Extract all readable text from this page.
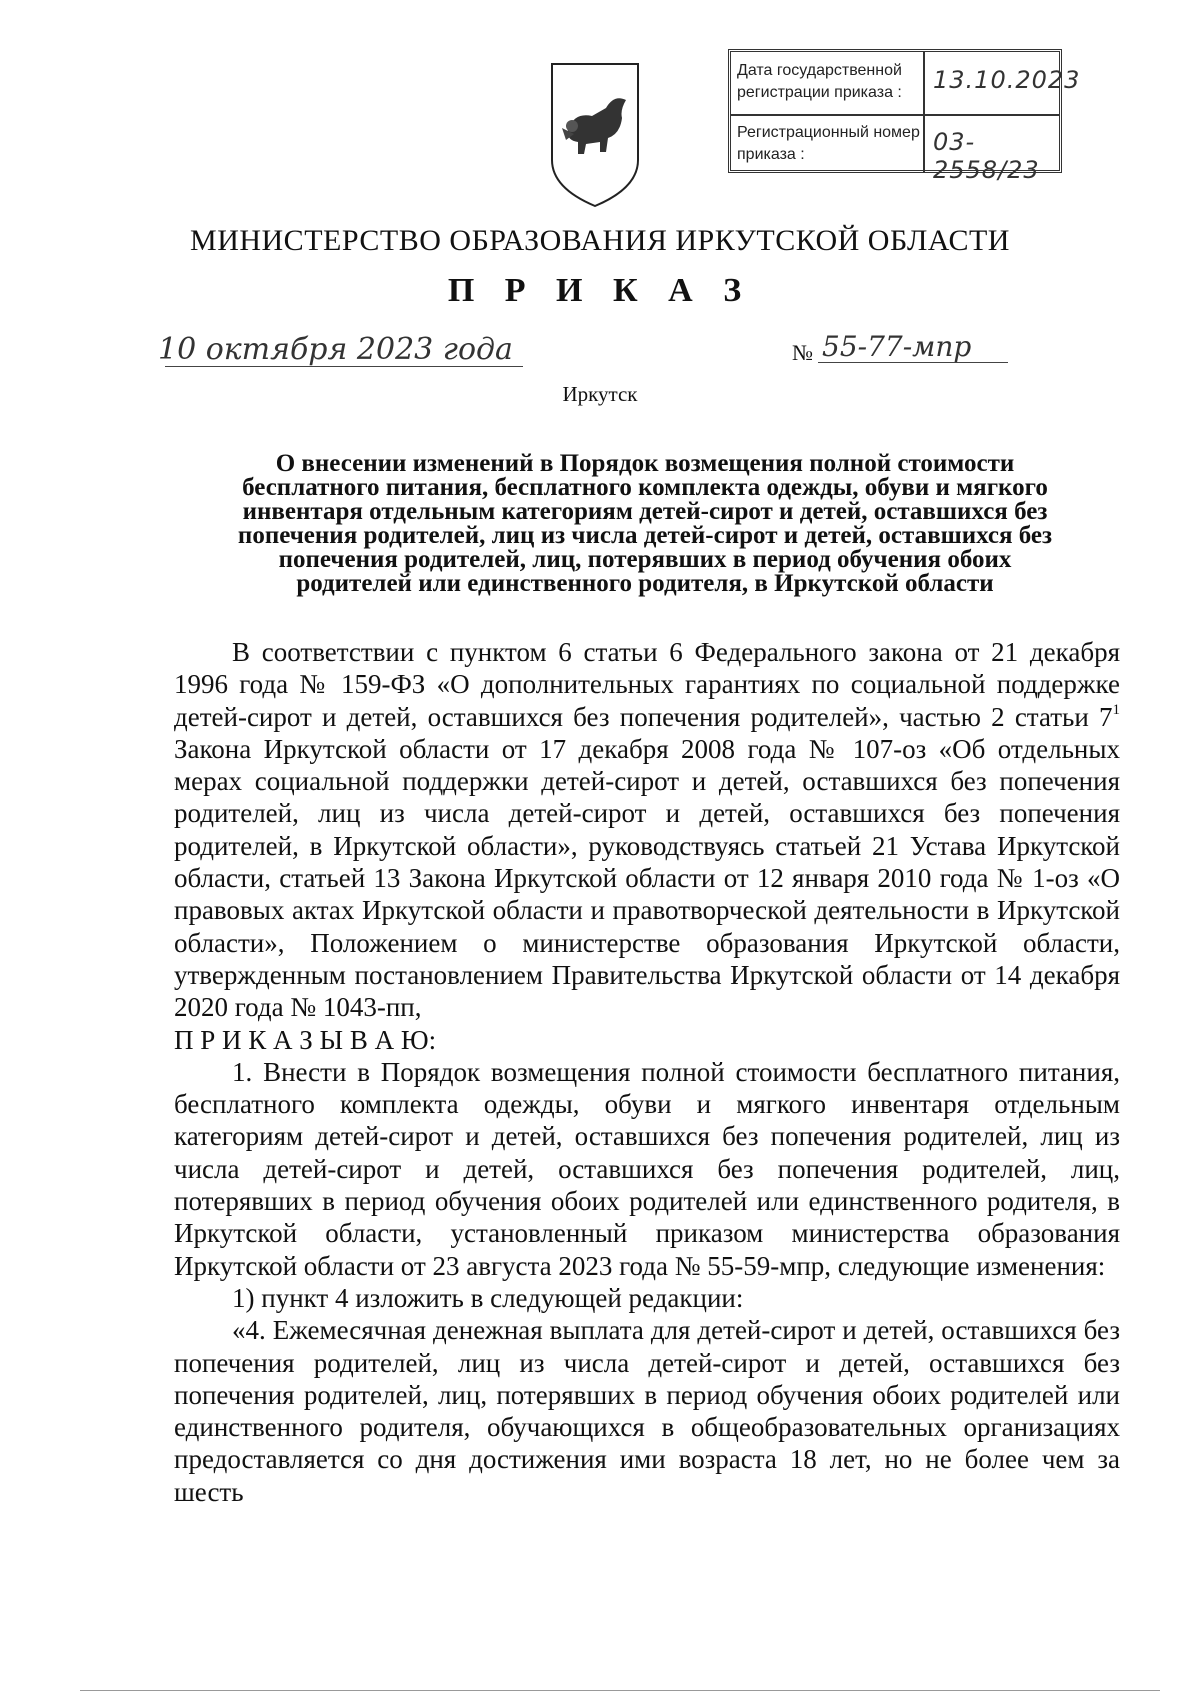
Дата государственной регистрации приказа :	13.10.2023
Регистрационный номер приказа :	03-2558/23
МИНИСТЕРСТВО ОБРАЗОВАНИЯ ИРКУТСКОЙ ОБЛАСТИ
П Р И К А З
10 октября 2023 года	№ 55-77-мпр
Иркутск
О внесении изменений в Порядок возмещения полной стоимости
бесплатного питания, бесплатного комплекта одежды, обуви и мягкого
инвентаря отдельным категориям детей-сирот и детей, оставшихся без
попечения родителей, лиц из числа детей-сирот и детей, оставшихся без
попечения родителей, лиц, потерявших в период обучения обоих
родителей или единственного родителя, в Иркутской области

В соответствии с пунктом 6 статьи 6 Федерального закона от 21 декабря 1996 года № 159-ФЗ «О дополнительных гарантиях по социальной поддержке детей-сирот и детей, оставшихся без попечения родителей», частью 2 статьи $7^1$ Закона Иркутской области от 17 декабря 2008 года № 107-оз «Об отдельных мерах социальной поддержки детей-сирот и детей, оставшихся без попечения родителей, лиц из числа детей-сирот и детей, оставшихся без попечения родителей, в Иркутской области», руководствуясь статьей 21 Устава Иркутской области, статьей 13 Закона Иркутской области от 12 января 2010 года № 1-оз «О правовых актах Иркутской области и правотворческой деятельности в Иркутской области», Положением о министерстве образования Иркутской области, утвержденным постановлением Правительства Иркутской области от 14 декабря 2020 года № 1043-пп,

П Р И К А З Ы В А Ю:

1. Внести в Порядок возмещения полной стоимости бесплатного питания, бесплатного комплекта одежды, обуви и мягкого инвентаря отдельным категориям детей-сирот и детей, оставшихся без попечения родителей, лиц из числа детей-сирот и детей, оставшихся без попечения родителей, лиц, потерявших в период обучения обоих родителей или единственного родителя, в Иркутской области, установленный приказом министерства образования Иркутской области от 23 августа 2023 года № 55-59-мпр, следующие изменения:

1) пункт 4 изложить в следующей редакции:

«4. Ежемесячная денежная выплата для детей-сирот и детей, оставшихся без попечения родителей, лиц из числа детей-сирот и детей, оставшихся без попечения родителей, лиц, потерявших в период обучения обоих родителей или единственного родителя, обучающихся в общеобразовательных организациях предоставляется со дня достижения ими возраста 18 лет, но не более чем за шесть
